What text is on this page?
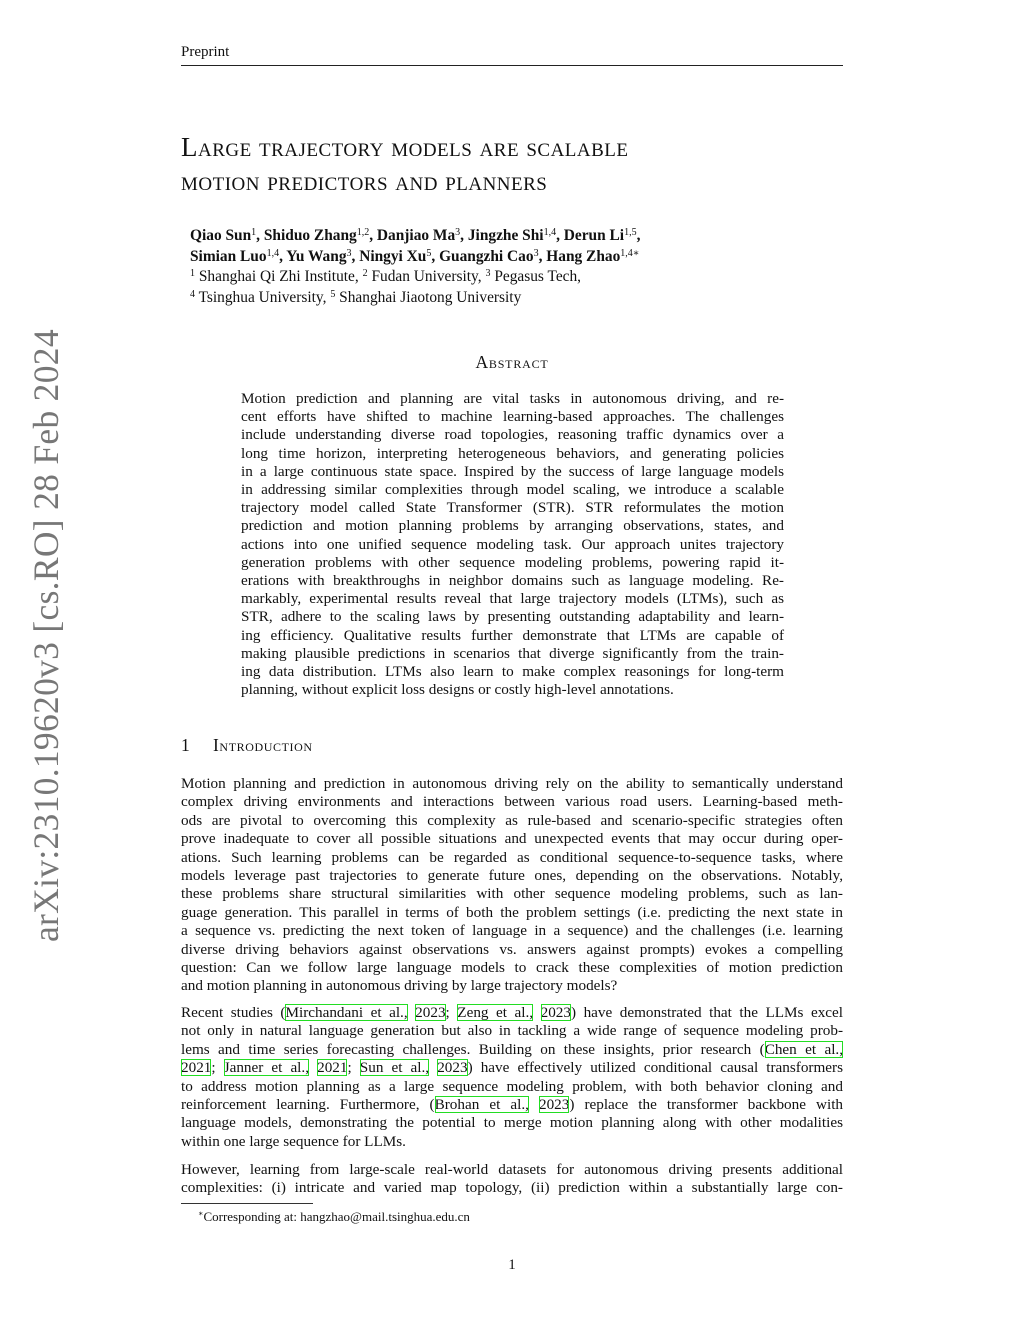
Preprint
arXiv:2310.19620v3 [cs.RO] 28 Feb 2024
Large trajectory models are scalable
motion predictors and planners
Qiao Sun$^1$, Shiduo Zhang$^{1,2}$, Danjiao Ma$^3$, Jingzhe Shi$^{1,4}$, Derun Li$^{1,5}$,
Simian Luo$^{1,4}$, Yu Wang$^3$, Ningyi Xu$^5$, Guangzhi Cao$^3$, Hang Zhao$^{1,4∗}$
$^1$ Shanghai Qi Zhi Institute, $^2$ Fudan University, $^3$ Pegasus Tech,
$^4$ Tsinghua University, $^5$ Shanghai Jiaotong University
Abstract
Motion prediction and planning are vital tasks in autonomous driving, and re-
cent efforts have shifted to machine learning-based approaches. The challenges
include understanding diverse road topologies, reasoning traffic dynamics over a
long time horizon, interpreting heterogeneous behaviors, and generating policies
in a large continuous state space. Inspired by the success of large language models
in addressing similar complexities through model scaling, we introduce a scalable
trajectory model called State Transformer (STR). STR reformulates the motion
prediction and motion planning problems by arranging observations, states, and
actions into one unified sequence modeling task. Our approach unites trajectory
generation problems with other sequence modeling problems, powering rapid it-
erations with breakthroughs in neighbor domains such as language modeling. Re-
markably, experimental results reveal that large trajectory models (LTMs), such as
STR, adhere to the scaling laws by presenting outstanding adaptability and learn-
ing efficiency. Qualitative results further demonstrate that LTMs are capable of
making plausible predictions in scenarios that diverge significantly from the train-
ing data distribution. LTMs also learn to make complex reasonings for long-term
planning, without explicit loss designs or costly high-level annotations.
1 Introduction
Motion planning and prediction in autonomous driving rely on the ability to semantically understand
complex driving environments and interactions between various road users. Learning-based meth-
ods are pivotal to overcoming this complexity as rule-based and scenario-specific strategies often
prove inadequate to cover all possible situations and unexpected events that may occur during oper-
ations. Such learning problems can be regarded as conditional sequence-to-sequence tasks, where
models leverage past trajectories to generate future ones, depending on the observations. Notably,
these problems share structural similarities with other sequence modeling problems, such as lan-
guage generation. This parallel in terms of both the problem settings (i.e. predicting the next state in
a sequence vs. predicting the next token of language in a sequence) and the challenges (i.e. learning
diverse driving behaviors against observations vs. answers against prompts) evokes a compelling
question: Can we follow large language models to crack these complexities of motion prediction
and motion planning in autonomous driving by large trajectory models?
Recent studies (Mirchandani et al., 2023; Zeng et al., 2023) have demonstrated that the LLMs excel
not only in natural language generation but also in tackling a wide range of sequence modeling prob-
lems and time series forecasting challenges. Building on these insights, prior research (Chen et al.,
2021; Janner et al., 2021; Sun et al., 2023) have effectively utilized conditional causal transformers
to address motion planning as a large sequence modeling problem, with both behavior cloning and
reinforcement learning. Furthermore, (Brohan et al., 2023) replace the transformer backbone with
language models, demonstrating the potential to merge motion planning along with other modalities
within one large sequence for LLMs.
However, learning from large-scale real-world datasets for autonomous driving presents additional
complexities: (i) intricate and varied map topology, (ii) prediction within a substantially large con-
∗Corresponding at: hangzhao@mail.tsinghua.edu.cn
1
